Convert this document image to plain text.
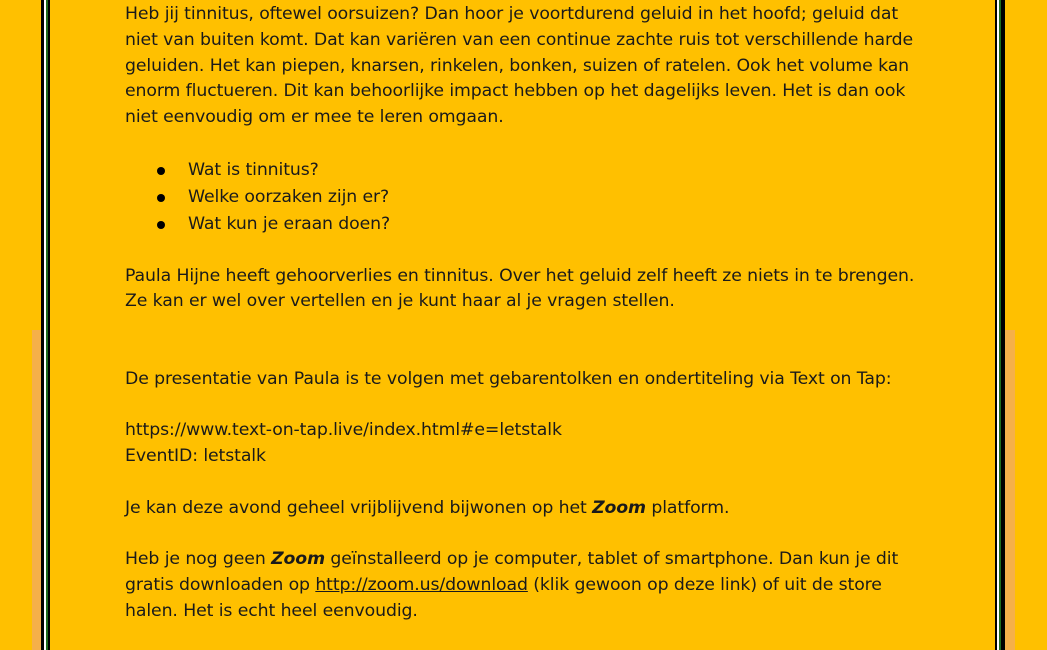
Heb jij tinnitus, oftewel oorsuizen? Dan hoor je voortdurend geluid in het hoofd; geluid dat

niet van buiten komt. Dat kan variëren van een continue zachte ruis tot verschillende harde

geluiden. Het kan piepen, knarsen, rinkelen, bonken, suizen of ratelen. Ook het volume kan

enorm fluctueren. Dit kan behoorlijke impact hebben op het dagelijks leven. Het is dan ook

niet eenvoudig om er mee te leren omgaan.

Wat is tinnitus?
Welke oorzaken zijn er?
Wat kun je eraan doen?

Paula Hijne heeft gehoorverlies en tinnitus. Over het geluid zelf heeft ze niets in te brengen.

Ze kan er wel over vertellen en je kunt haar al je vragen stellen.

De presentatie van Paula is te volgen met gebarentolken en ondertiteling via Text on Tap:

https://www.text-on-tap.live/index.html#e=letstalk

EventID: letstalk

Je kan deze avond geheel vrijblijvend bijwonen op het Zoom platform.

Heb je nog geen Zoom geïnstalleerd op je computer, tablet of smartphone. Dan kun je dit

gratis downloaden op http://zoom.us/download (klik gewoon op deze link) of uit de store

halen. Het is echt heel eenvoudig.
